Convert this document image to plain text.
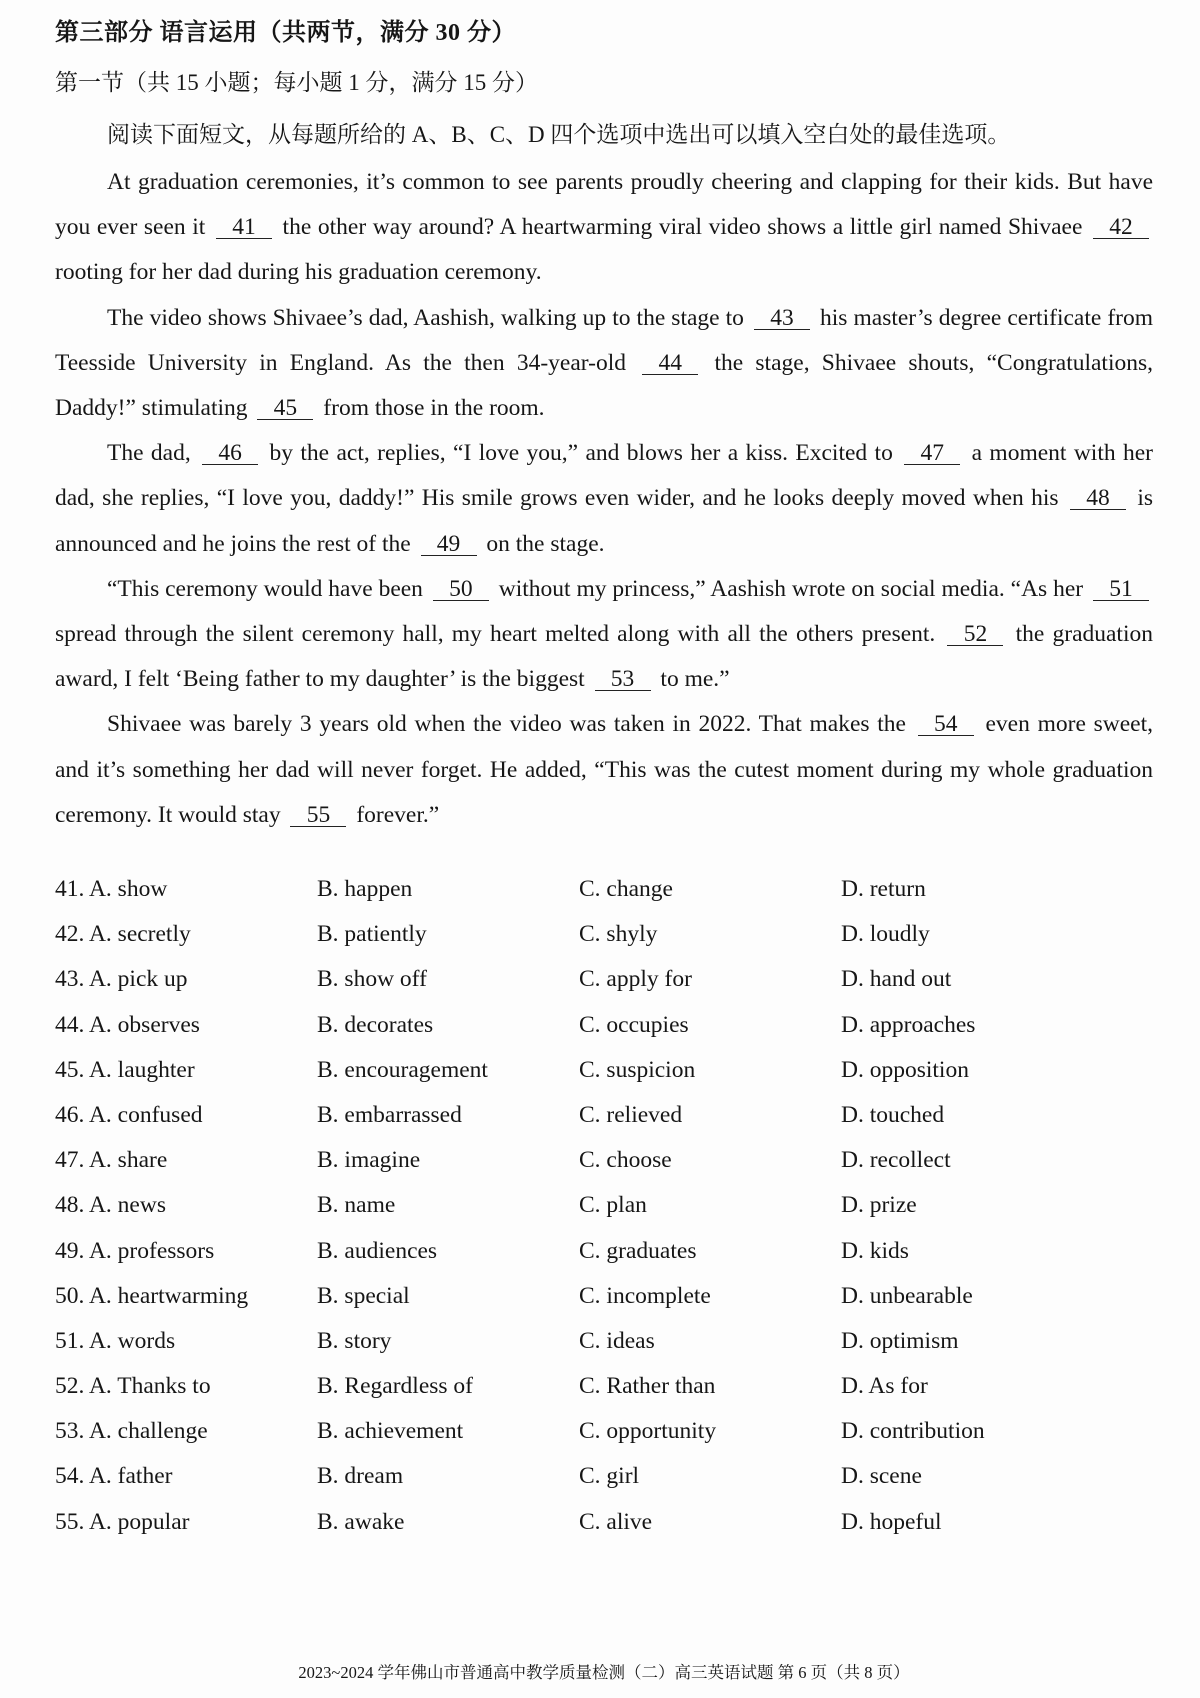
第三部分 语言运用（共两节，满分 30 分）
第一节（共 15 小题；每小题 1 分，满分 15 分）
阅读下面短文，从每题所给的 A、B、C、D 四个选项中选出可以填入空白处的最佳选项。

At graduation ceremonies, it’s common to see parents proudly cheering and clapping for their kids. But have you ever seen it 41 the other way around? A heartwarming viral video shows a little girl named Shivaee 42 rooting for her dad during his graduation ceremony.

The video shows Shivaee’s dad, Aashish, walking up to the stage to 43 his master’s degree certificate from Teesside University in England. As the then 34-year-old 44 the stage, Shivaee shouts, “Congratulations, Daddy!” stimulating 45 from those in the room.

The dad, 46 by the act, replies, “I love you,” and blows her a kiss. Excited to 47 a moment with her dad, she replies, “I love you, daddy!” His smile grows even wider, and he looks deeply moved when his 48 is announced and he joins the rest of the 49 on the stage.

“This ceremony would have been 50 without my princess,” Aashish wrote on social media. “As her 51 spread through the silent ceremony hall, my heart melted along with all the others present. 52 the graduation award, I felt ‘Being father to my daughter’ is the biggest 53 to me.”

Shivaee was barely 3 years old when the video was taken in 2022. That makes the 54 even more sweet, and it’s something her dad will never forget. He added, “This was the cutest moment during my whole graduation ceremony. It would stay 55 forever.”

41. A. show	B. happen	C. change	D. return
42. A. secretly	B. patiently	C. shyly	D. loudly
43. A. pick up	B. show off	C. apply for	D. hand out
44. A. observes	B. decorates	C. occupies	D. approaches
45. A. laughter	B. encouragement	C. suspicion	D. opposition
46. A. confused	B. embarrassed	C. relieved	D. touched
47. A. share	B. imagine	C. choose	D. recollect
48. A. news	B. name	C. plan	D. prize
49. A. professors	B. audiences	C. graduates	D. kids
50. A. heartwarming	B. special	C. incomplete	D. unbearable
51. A. words	B. story	C. ideas	D. optimism
52. A. Thanks to	B. Regardless of	C. Rather than	D. As for
53. A. challenge	B. achievement	C. opportunity	D. contribution
54. A. father	B. dream	C. girl	D. scene
55. A. popular	B. awake	C. alive	D. hopeful
2023~2024 学年佛山市普通高中教学质量检测（二）高三英语试题 第 6 页（共 8 页）
